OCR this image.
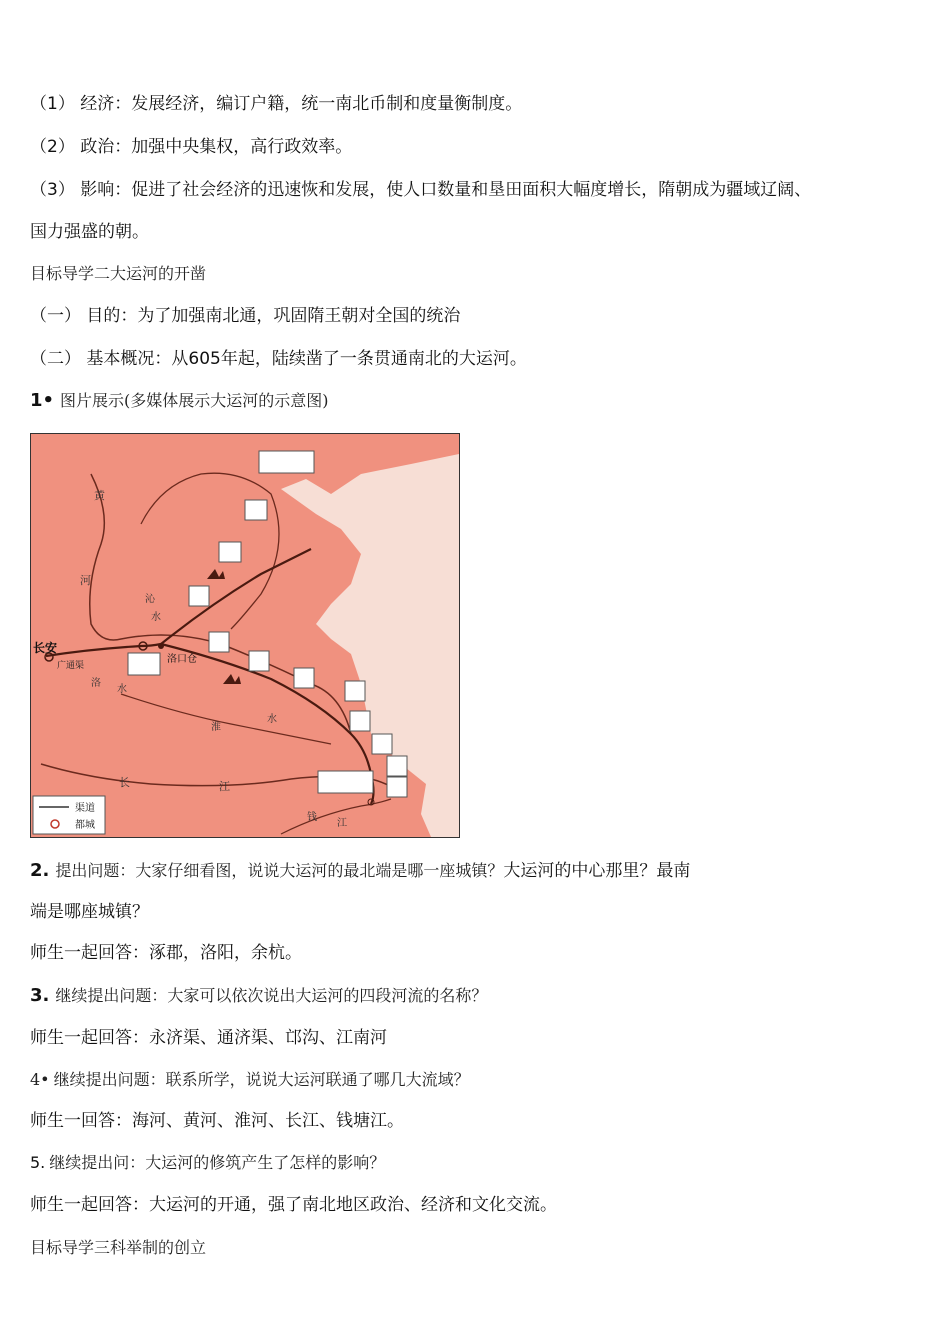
（1） 经济：发展经济，编订户籍，统一南北币制和度量衡制度。
（2） 政治：加强中央集权，高行政效率。
（3） 影响：促进了社会经济的迅速恢和发展，使人口数量和垦田面积大幅度增长，隋朝成为疆域辽阔、
国力强盛的朝。
目标导学二大运河的开凿
（一） 目的：为了加强南北通，巩固隋王朝对全国的统治
（二） 基本概况：从605年起，陆续凿了一条贯通南北的大运河。
1• 图片展示(多媒体展示大运河的示意图)
长安
广通渠
洛口仓
黄
河
沁
水
洛
水
淮
水
长	江
钱
江
渠道
都城
2. 提出问题：大家仔细看图，说说大运河的最北端是哪一座城镇？大运河的中心那里？最南
端是哪座城镇？
师生一起回答：涿郡，洛阳，余杭。
3. 继续提出问题：大家可以依次说出大运河的四段河流的名称？
师生一起回答：永济渠、通济渠、邙沟、江南河
4• 继续提出问题：联系所学，说说大运河联通了哪几大流域？
师生一回答：海河、黄河、淮河、长江、钱塘江。
5. 继续提出问：大运河的修筑产生了怎样的影响？
师生一起回答：大运河的开通，强了南北地区政治、经济和文化交流。
目标导学三科举制的创立
